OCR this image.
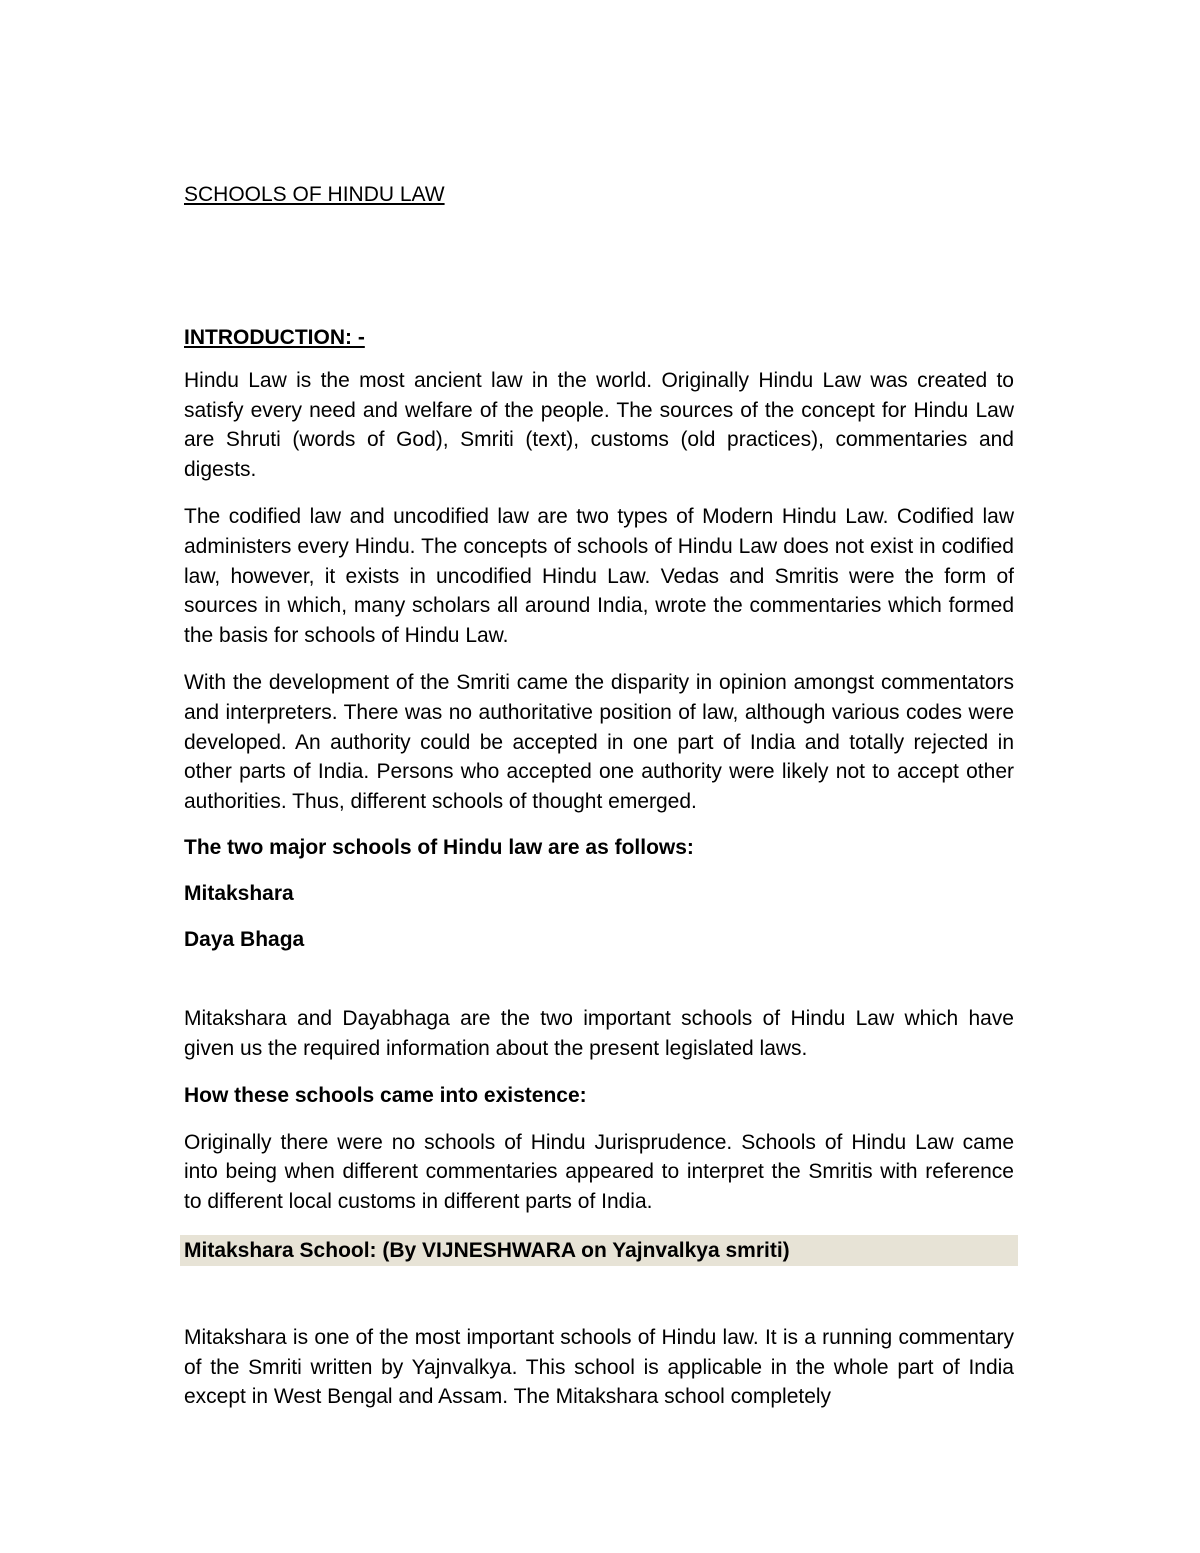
SCHOOLS OF HINDU LAW
INTRODUCTION: -

Hindu Law is the most ancient law in the world. Originally Hindu Law was created to satisfy every need and welfare of the people. The sources of the concept for Hindu Law are Shruti (words of God), Smriti (text), customs (old practices), commentaries and digests.

The codified law and uncodified law are two types of Modern Hindu Law. Codified law administers every Hindu. The concepts of schools of Hindu Law does not exist in codified law, however, it exists in uncodified Hindu Law. Vedas and Smritis were the form of sources in which, many scholars all around India, wrote the commentaries which formed the basis for schools of Hindu Law.

With the development of the Smriti came the disparity in opinion amongst commentators and interpreters. There was no authoritative position of law, although various codes were developed. An authority could be accepted in one part of India and totally rejected in other parts of India. Persons who accepted one authority were likely not to accept other authorities. Thus, different schools of thought emerged.

The two major schools of Hindu law are as follows:

Mitakshara

Daya Bhaga

Mitakshara and Dayabhaga are the two important schools of Hindu Law which have given us the required information about the present legislated laws.

How these schools came into existence:

Originally there were no schools of Hindu Jurisprudence. Schools of Hindu Law came into being when different commentaries appeared to interpret the Smritis with reference to different local customs in different parts of India.

Mitakshara School: (By VIJNESHWARA on Yajnvalkya smriti)

Mitakshara is one of the most important schools of Hindu law. It is a running commentary of the Smriti written by Yajnvalkya. This school is applicable in the whole part of India except in West Bengal and Assam. The Mitakshara school completely
